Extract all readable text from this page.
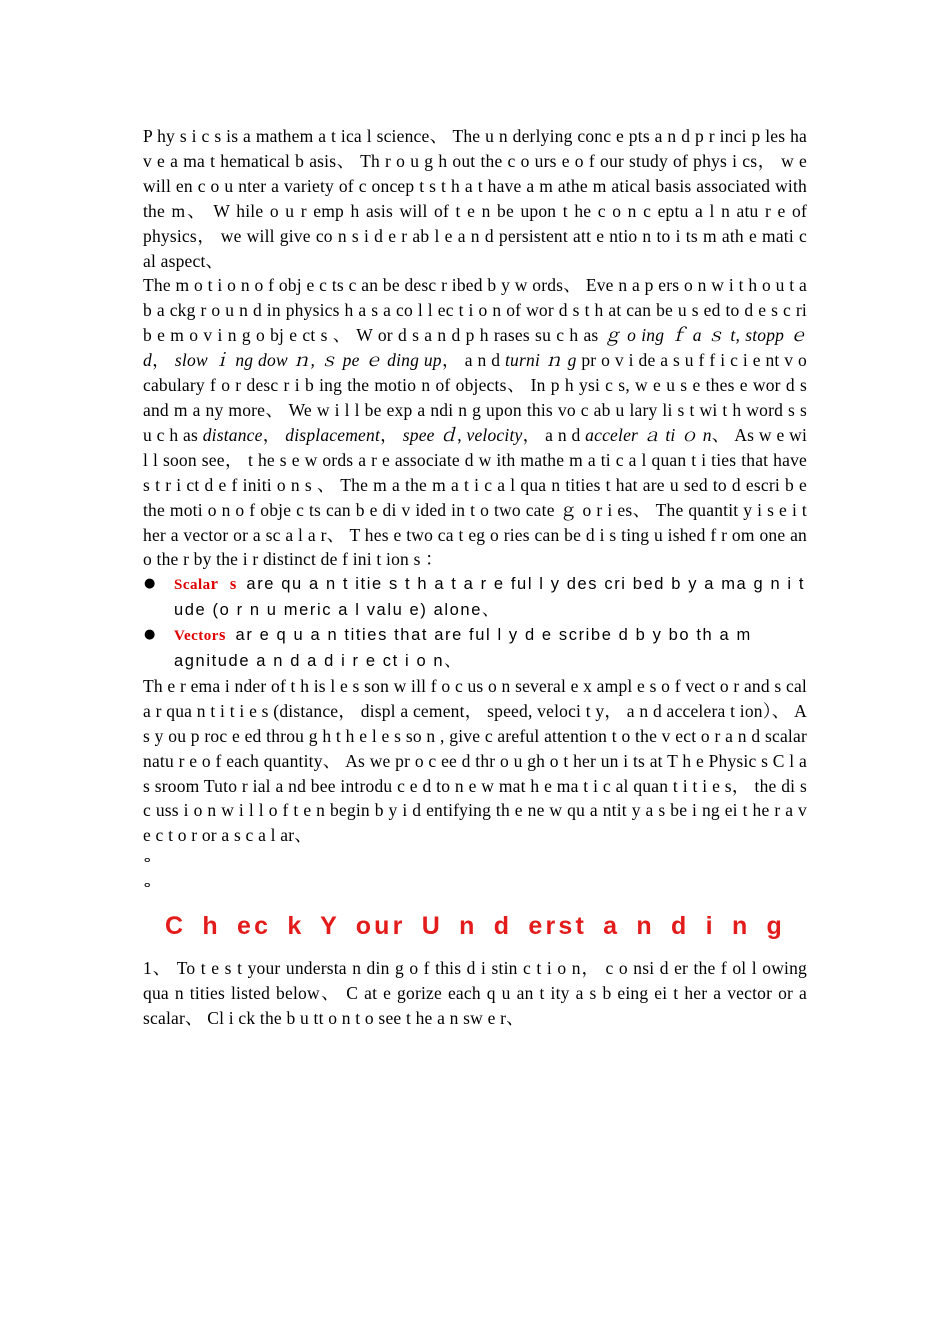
P hy s i c s is a mathem a t ica l science、 The u n derlying conc e pts a n d p r inci p les ha v e a ma t hematical b asis、 Th r o u g h out the c o urs e o f our study of phys i cs， w e will en c o u nter a variety of c oncep t s t h a t have a m athe m atical basis associated with the m、 W hile o u r emp h asis will of t e n be upon t he c o n c eptu a l n atu r e of physics， we will give co n s i d e r ab l e a n d persistent att e ntio n to i ts m ath e mati c al aspect、

The m o t i o n o f obj e c ts c an be desc r ibed b y w ords、 Eve n a p ers o n w i t h o u t a b a ckg r o u n d in physics h a s a co l l ec t i o n of wor d s t h at can be u s ed to d e s c ri b e m o v i n g o bj e ct s 、 W or d s a n d p h rases su c h as ｇ o ing ｆ a ｓ t, stopp ｅ d， slow ｉ ng dow ｎ, ｓ pe ｅ ding up， a n d turni ｎ g pr o v i de a s u f f i c i e nt v o cabulary f o r desc r i b ing the motio n of objects、 In p h ysi c s, w e u s e thes e wor d s and m a ny more、 We w i l l be exp a ndi n g upon this vo c ab u lary li s t wi t h word s s u c h as distance， displacement， spee ｄ, velocity， a n d acceler ａ ti ｏ n、 As w e wi l l soon see， t he s e w ords a r e associate d w ith mathe m a ti c a l quan t i ties that have s t r i ct d e f initi o n s 、 The m a the m a t i c a l qua n tities t hat are u sed to d escri b e the moti o n o f obje c ts can b e di v ided in t o two cate ｇ o r i es、 The quantit y i s e i t her a vector or a sc a l a r、 T hes e two ca t eg o ries can be d i s ting u ished f r om one an o the r by the i r distinct de f ini t ion s ：

● Scalar s are qu a n t itie s t h a t a r e ful l y des cri bed b y a ma g n i t ude (o r n u meric a l valu e) alone、
● Vectors ar e q u a n tities that are ful l y d e scribe d b y bo th a m agnitude a n d a d i r e ct i o n、

Th e r ema i nder of t h is l e s son w ill f o c us o n several e x ampl e s o f vect o r and s cal a r qua n t i t i e s (distance， displ a cement， speed, veloci t y， a n d accelera t ion）、 A s y ou p roc e ed throu g h t h e l e s so n , give c areful attention t o the v ect o r a n d scalar natu r e o f each quantity、 As we pr o c ee d thr o u gh o t her un i ts at T h e Physic s C l a s sroom Tuto r ial a nd bee introdu c e d to n e w mat h e ma t i c al quan t i t i e s， the di s c uss i o n w i l l o f t e n begin b y i d entifying th e ne w qu a ntit y a s be i ng ei t he r a v e c t o r or a s c a l ar、

ⴰ
ⴰ
C h ec k Y our U n d erst a n d i n g

1、 To t e s t your understa n din g o f this d i stin c t i o n， c o nsi d er the f ol l owing qua n tities listed below、 C at e gorize each q u an t ity a s b eing ei t her a vector or a scalar、 Cl i ck the b u tt o n t o see t he a n sw e r、
